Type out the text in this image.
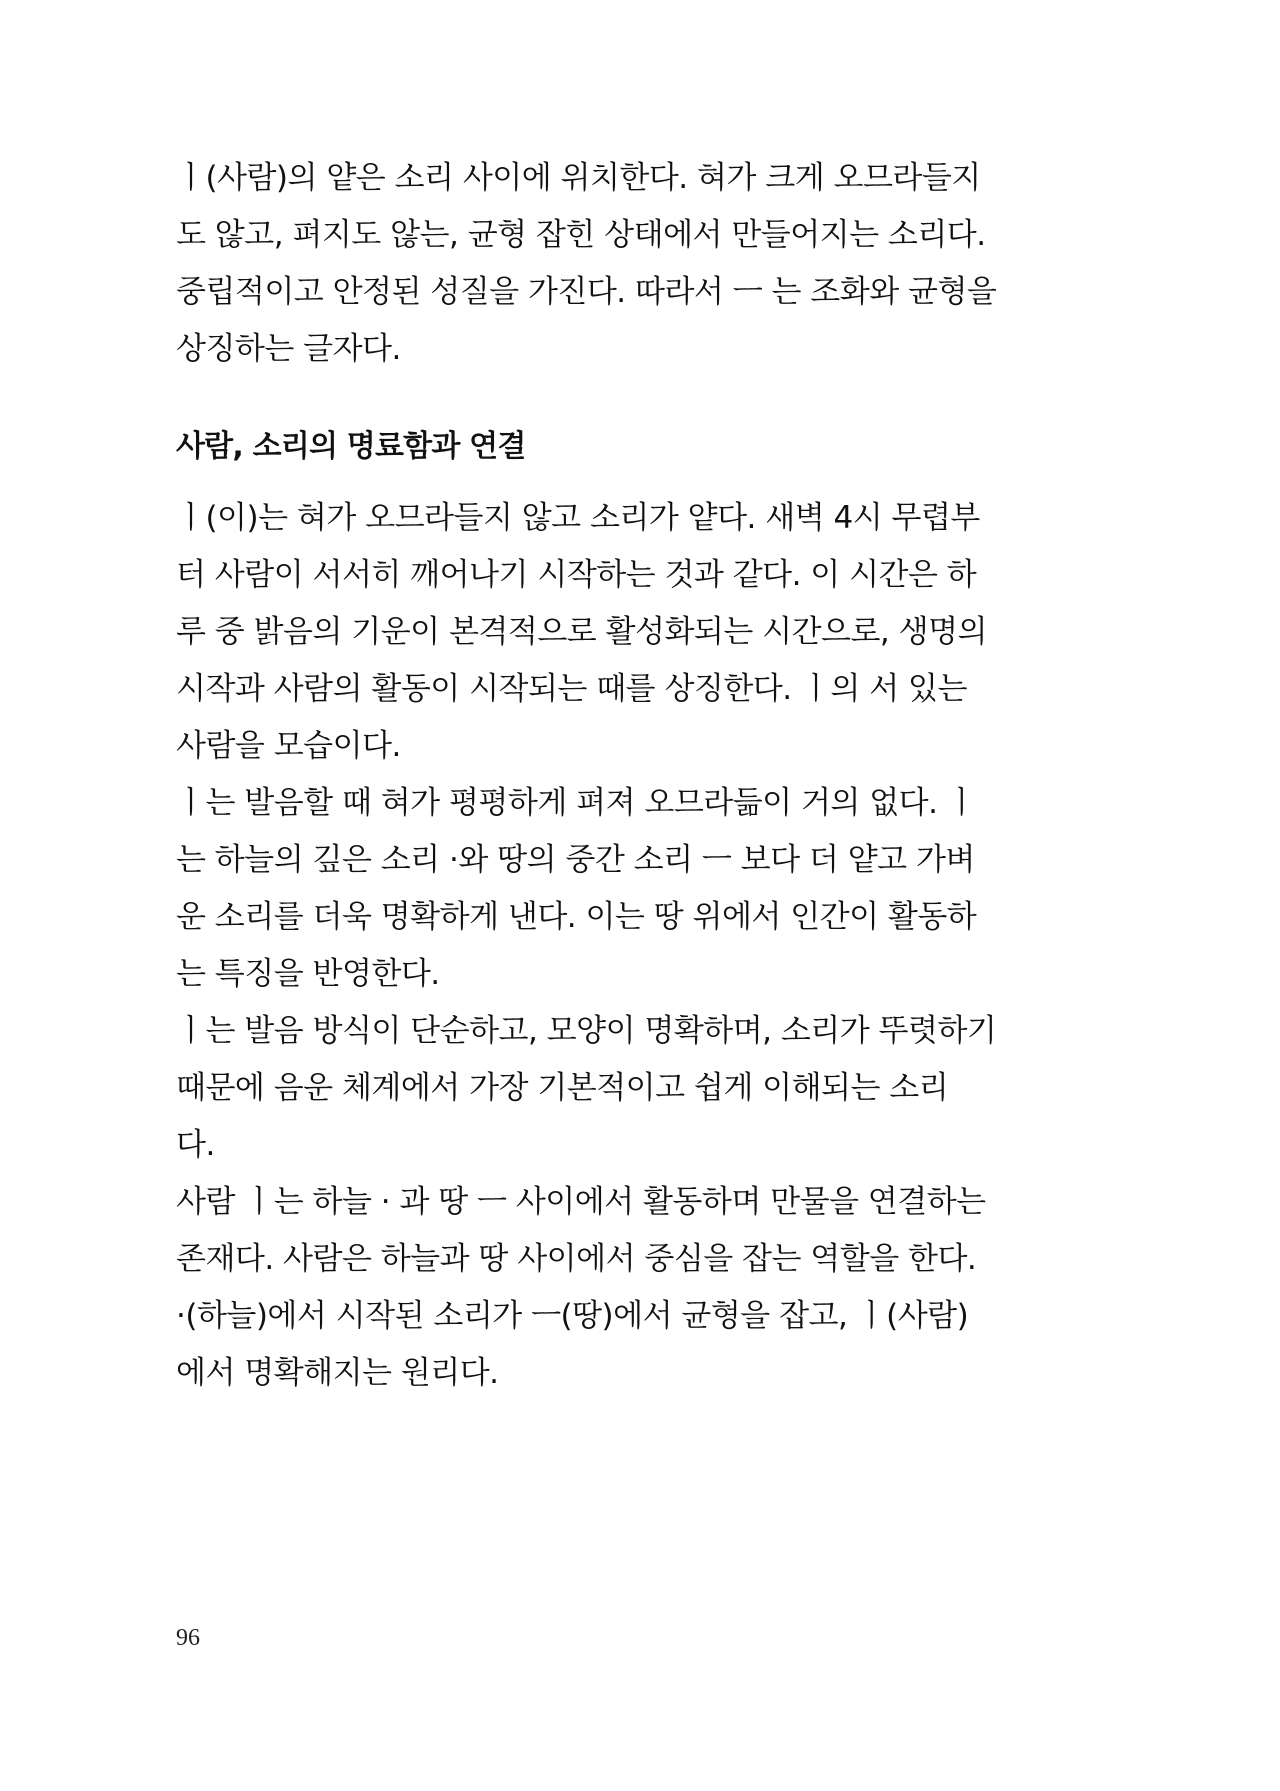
ㅣ(사람)의 얕은 소리 사이에 위치한다. 혀가 크게 오므라들지
도 않고, 펴지도 않는, 균형 잡힌 상태에서 만들어지는 소리다.
중립적이고 안정된 성질을 가진다. 따라서 ㅡ 는 조화와 균형을
상징하는 글자다.
사람, 소리의 명료함과 연결
ㅣ(이)는 혀가 오므라들지 않고 소리가 얕다. 새벽 4시 무렵부
터 사람이 서서히 깨어나기 시작하는 것과 같다. 이 시간은 하
루 중 밝음의 기운이 본격적으로 활성화되는 시간으로, 생명의
시작과 사람의 활동이 시작되는 때를 상징한다. ㅣ의 서 있는
사람을 모습이다.
ㅣ는 발음할 때 혀가 평평하게 펴져 오므라듦이 거의 없다. ㅣ
는 하늘의 깊은 소리 ·와 땅의 중간 소리 ㅡ 보다 더 얕고 가벼
운 소리를 더욱 명확하게 낸다. 이는 땅 위에서 인간이 활동하
는 특징을 반영한다.
ㅣ는 발음 방식이 단순하고, 모양이 명확하며, 소리가 뚜렷하기
때문에 음운 체계에서 가장 기본적이고 쉽게 이해되는 소리
다.
사람 ㅣ는 하늘 · 과 땅 ㅡ 사이에서 활동하며 만물을 연결하는
존재다. 사람은 하늘과 땅 사이에서 중심을 잡는 역할을 한다.
·(하늘)에서 시작된 소리가 ㅡ(땅)에서 균형을 잡고, ㅣ(사람)
에서 명확해지는 원리다.
96
